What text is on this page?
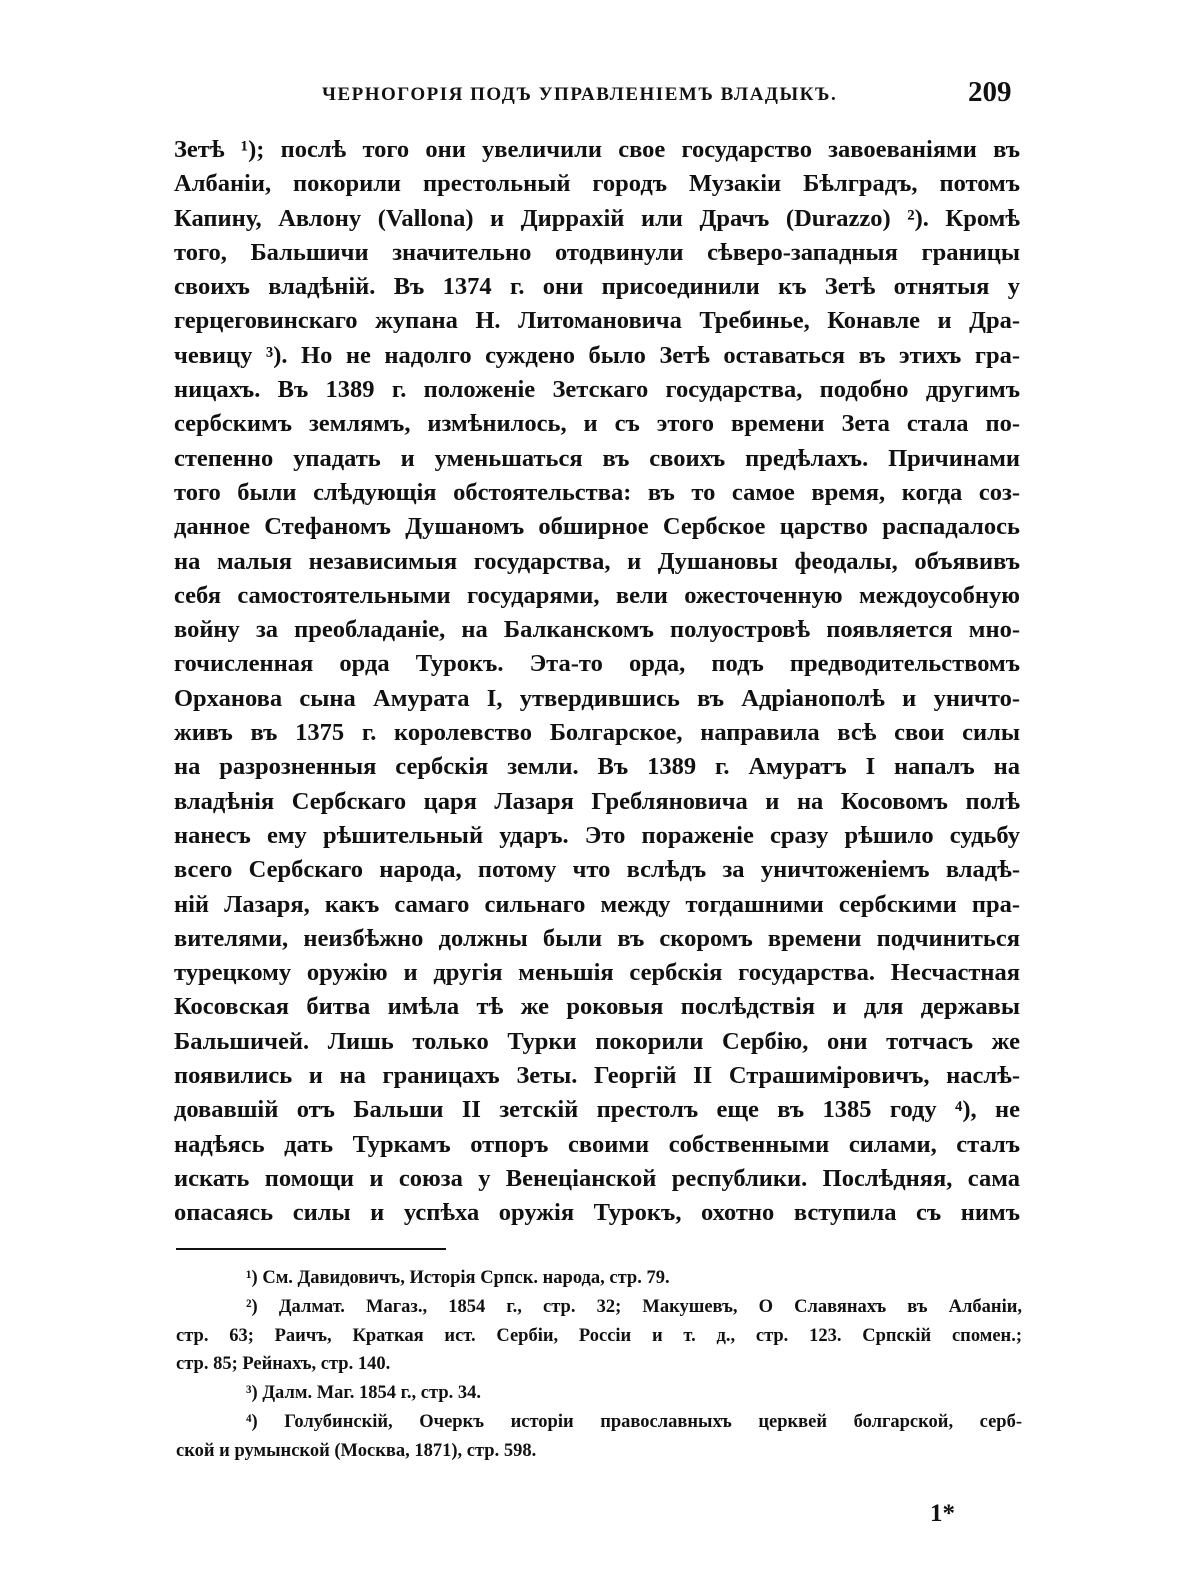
ЧЕРНОГОРІЯ ПОДЪ УПРАВЛЕНІЕМЪ ВЛАДЫКЪ.	209
Зетѣ ¹); послѣ того они увеличили свое государство завоеваніями въ
Албаніи, покорили престольный городъ Музакіи Бѣлградъ, потомъ
Капину, Авлону (Vallona) и Диррахій или Драчъ (Durazzo) ²). Кромѣ
того, Бальшичи значительно отодвинули сѣверо-западныя границы
своихъ владѣній. Въ 1374 г. они присоединили къ Зетѣ отнятыя у
герцеговинскаго жупана Н. Литомановича Требинье, Конавле и Дра-
чевицу ³). Но не надолго суждено было Зетѣ оставаться въ этихъ гра-
ницахъ. Въ 1389 г. положеніе Зетскаго государства, подобно другимъ
сербскимъ землямъ, измѣнилось, и съ этого времени Зета стала по-
степенно упадать и уменьшаться въ своихъ предѣлахъ. Причинами
того были слѣдующія обстоятельства: въ то самое время, когда соз-
данное Стефаномъ Душаномъ обширное Сербское царство распадалось
на малыя независимыя государства, и Душановы феодалы, объявивъ
себя самостоятельными государями, вели ожесточенную междоусобную
войну за преобладаніе, на Балканскомъ полуостровѣ появляется мно-
гочисленная орда Турокъ. Эта-то орда, подъ предводительствомъ
Орханова сына Амурата I, утвердившись въ Адріанополѣ и уничто-
живъ въ 1375 г. королевство Болгарское, направила всѣ свои силы
на разрозненныя сербскія земли. Въ 1389 г. Амуратъ I напалъ на
владѣнія Сербскаго царя Лазаря Гребляновича и на Косовомъ полѣ
нанесъ ему рѣшительный ударъ. Это пораженіе сразу рѣшило судьбу
всего Сербскаго народа, потому что вслѣдъ за уничтоженіемъ владѣ-
ній Лазаря, какъ самаго сильнаго между тогдашними сербскими пра-
вителями, неизбѣжно должны были въ скоромъ времени подчиниться
турецкому оружію и другія меньшія сербскія государства. Несчастная
Косовская битва имѣла тѣ же роковыя послѣдствія и для державы
Бальшичей. Лишь только Турки покорили Сербію, они тотчасъ же
появились и на границахъ Зеты. Георгій II Страшиміровичъ, наслѣ-
довавшій отъ Бальши II зетскій престолъ еще въ 1385 году ⁴), не
надѣясь дать Туркамъ отпоръ своими собственными силами, сталъ
искать помощи и союза у Венеціанской республики. Послѣдняя, сама
опасаясь силы и успѣха оружія Турокъ, охотно вступила съ нимъ
¹) См. Давидовичъ, Исторія Српск. народа, стр. 79.
²) Далмат. Магаз., 1854 г., стр. 32; Макушевъ, О Славянахъ въ Албаніи,
стр. 63; Раичъ, Краткая ист. Сербіи, Россіи и т. д., стр. 123. Српскій спомен.;
стр. 85; Рейнахъ, стр. 140.
³) Далм. Маг. 1854 г., стр. 34.
⁴) Голубинскій, Очеркъ исторіи православныхъ церквей болгарской, серб-
ской и румынской (Москва, 1871), стр. 598.
1*
